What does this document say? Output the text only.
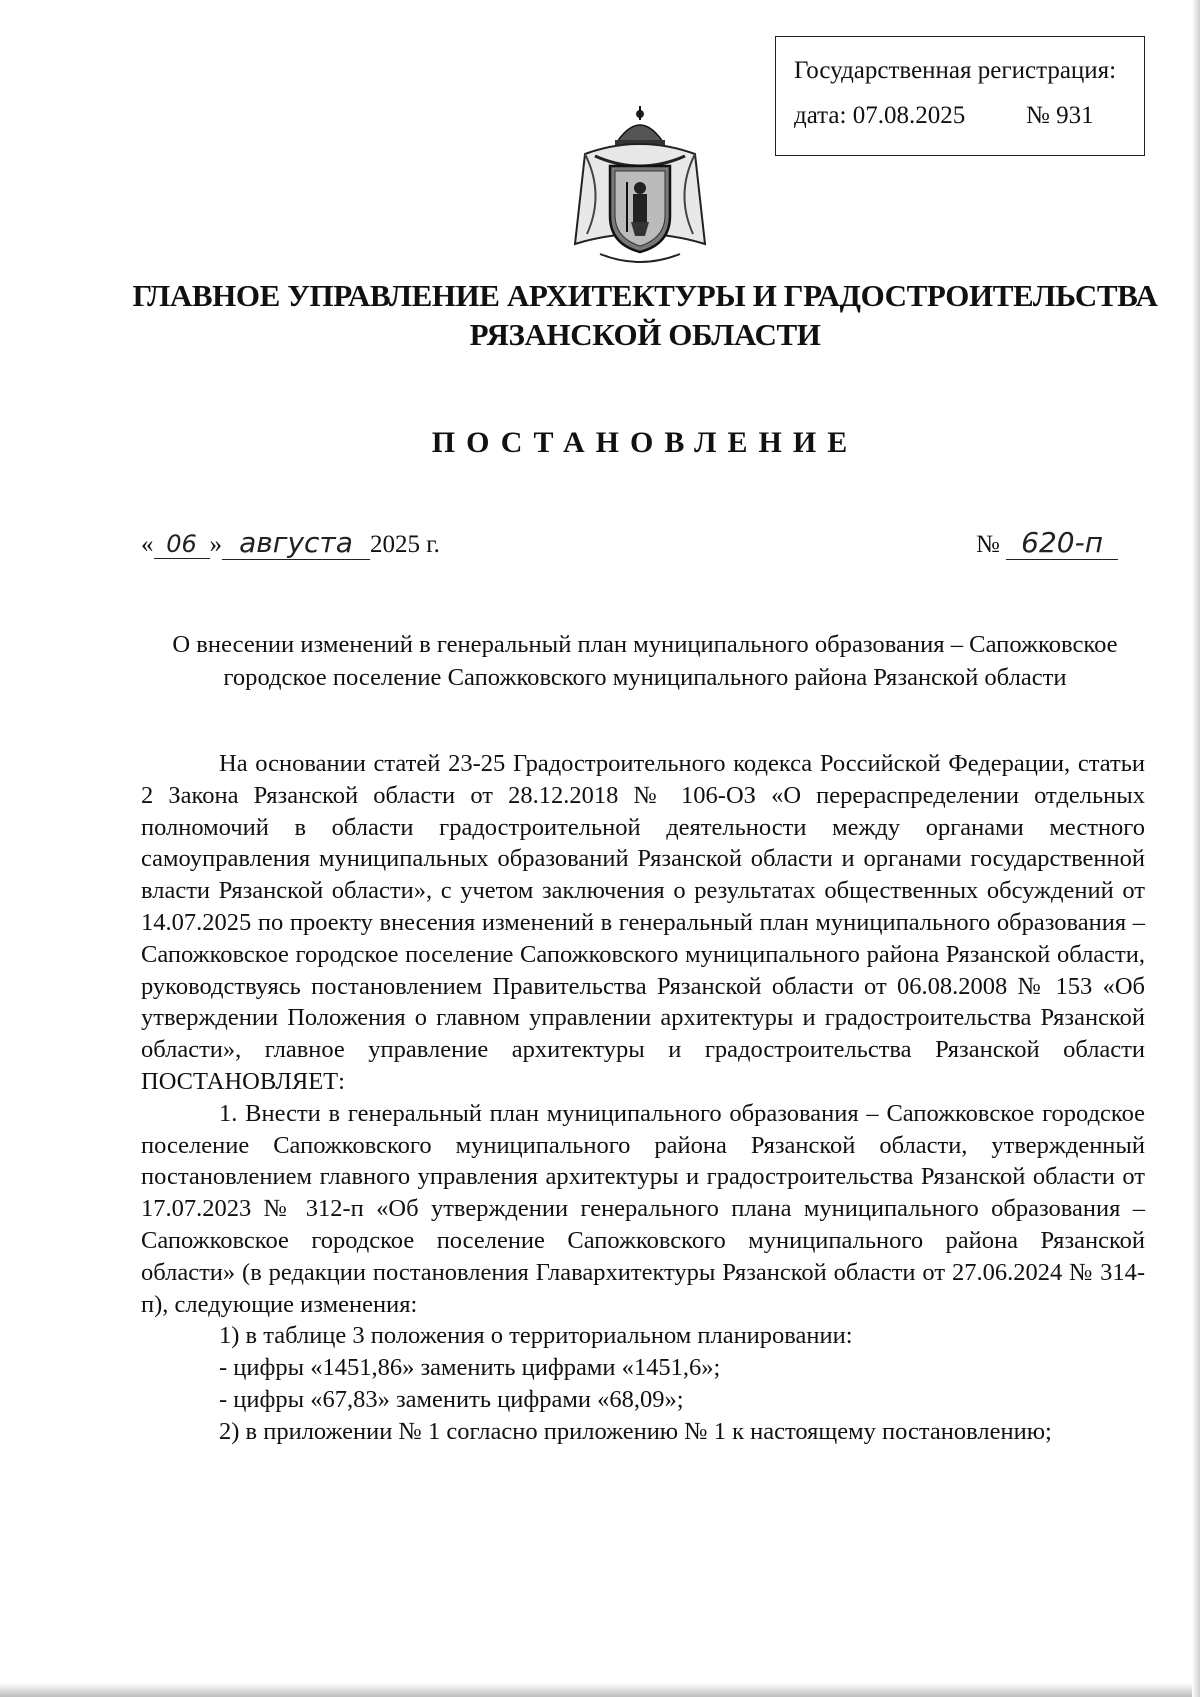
Государственная регистрация:
дата: 07.08.2025 № 931
ГЛАВНОЕ УПРАВЛЕНИЕ АРХИТЕКТУРЫ И ГРАДОСТРОИТЕЛЬСТВА
РЯЗАНСКОЙ ОБЛАСТИ
ПОСТАНОВЛЕНИЕ
« 06 » августа 2025 г.	№ 620-п
О внесении изменений в генеральный план муниципального образования – Сапожковское городское поселение Сапожковского муниципального района Рязанской области

На основании статей 23-25 Градостроительного кодекса Российской Федерации, статьи 2 Закона Рязанской области от 28.12.2018 № 106-ОЗ «О перераспределении отдельных полномочий в области градостроительной деятельности между органами местного самоуправления муниципальных образований Рязанской области и органами государственной власти Рязанской области», с учетом заключения о результатах общественных обсуждений от 14.07.2025 по проекту внесения изменений в генеральный план муниципального образования – Сапожковское городское поселение Сапожковского муниципального района Рязанской области, руководствуясь постановлением Правительства Рязанской области от 06.08.2008 № 153 «Об утверждении Положения о главном управлении архитектуры и градостроительства Рязанской области», главное управление архитектуры и градостроительства Рязанской области ПОСТАНОВЛЯЕТ:

1. Внести в генеральный план муниципального образования – Сапожковское городское поселение Сапожковского муниципального района Рязанской области, утвержденный постановлением главного управления архитектуры и градостроительства Рязанской области от 17.07.2023 № 312-п «Об утверждении генерального плана муниципального образования – Сапожковское городское поселение Сапожковского муниципального района Рязанской области» (в редакции постановления Главархитектуры Рязанской области от 27.06.2024 № 314-п), следующие изменения:

1) в таблице 3 положения о территориальном планировании:

- цифры «1451,86» заменить цифрами «1451,6»;

- цифры «67,83» заменить цифрами «68,09»;

2) в приложении № 1 согласно приложению № 1 к настоящему постановлению;
